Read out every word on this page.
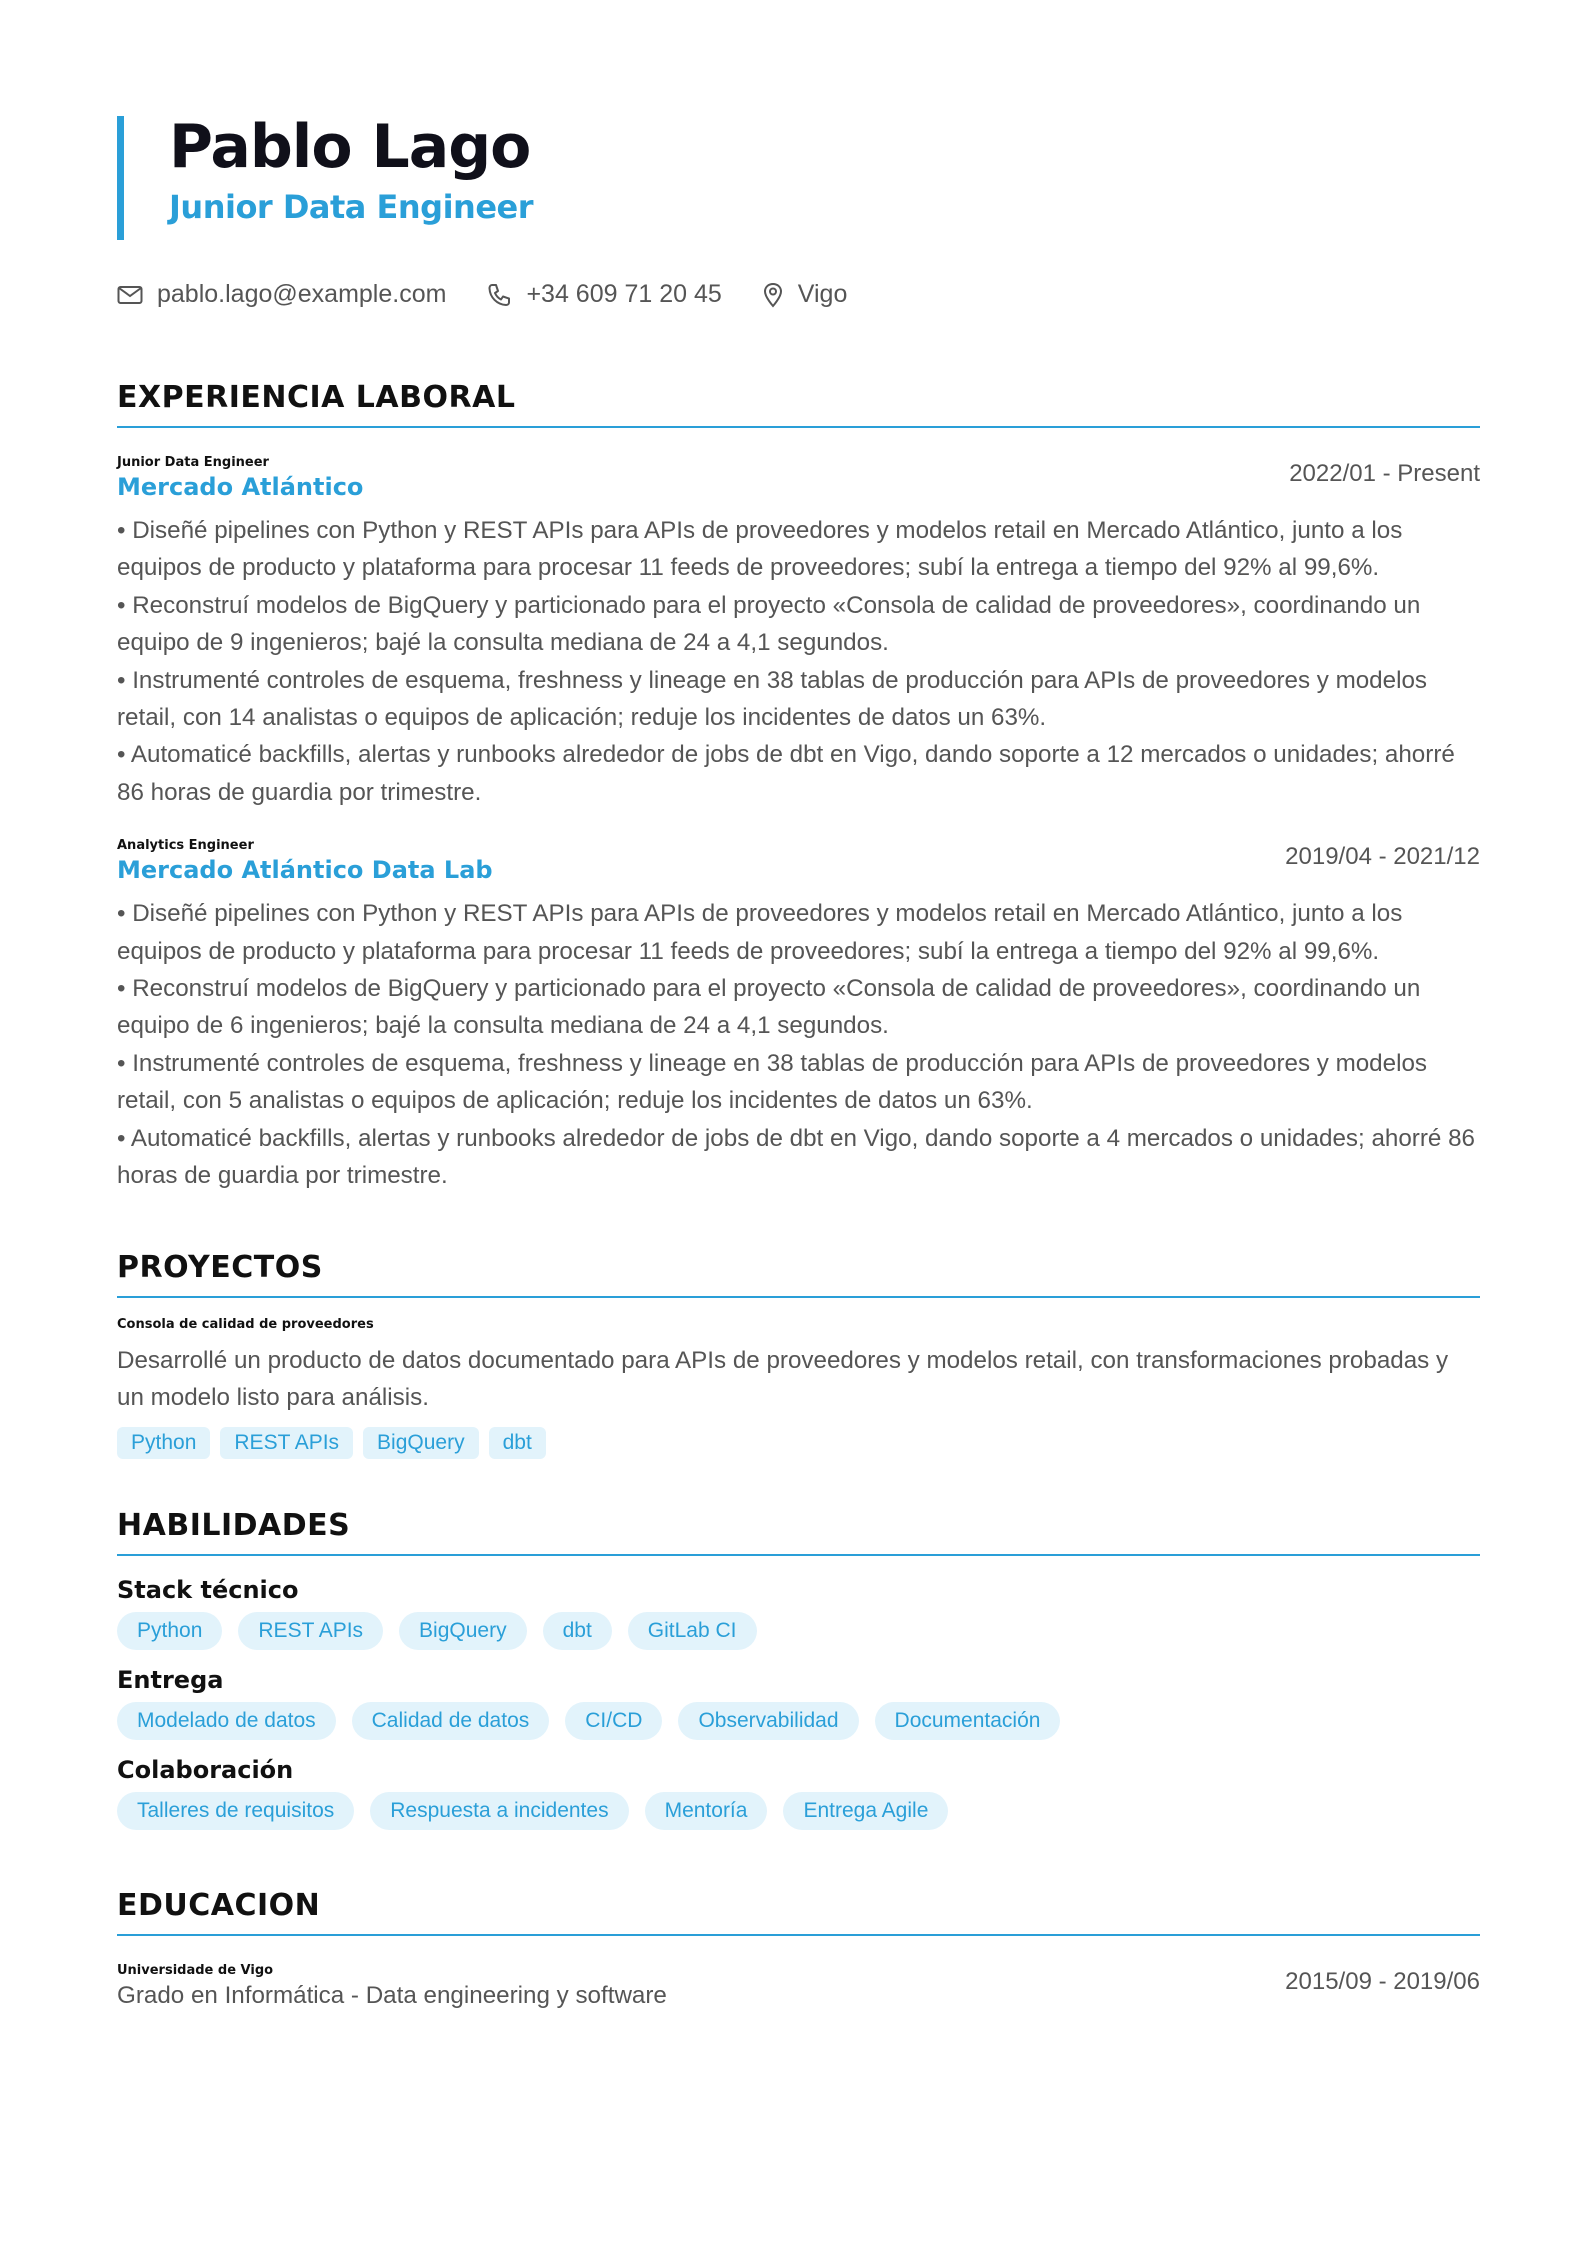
Pablo Lago
Junior Data Engineer
pablo.lago@example.com	+34 609 71 20 45	Vigo
EXPERIENCIA LABORAL
2022/01 - Present
Junior Data Engineer
Mercado Atlántico
• Diseñé pipelines con Python y REST APIs para APIs de proveedores y modelos retail en Mercado Atlántico, junto a los equipos de producto y plataforma para procesar 11 feeds de proveedores; subí la entrega a tiempo del 92% al 99,6%.
• Reconstruí modelos de BigQuery y particionado para el proyecto «Consola de calidad de proveedores», coordinando un equipo de 9 ingenieros; bajé la consulta mediana de 24 a 4,1 segundos.
• Instrumenté controles de esquema, freshness y lineage en 38 tablas de producción para APIs de proveedores y modelos retail, con 14 analistas o equipos de aplicación; reduje los incidentes de datos un 63%.
• Automaticé backfills, alertas y runbooks alrededor de jobs de dbt en Vigo, dando soporte a 12 mercados o unidades; ahorré 86 horas de guardia por trimestre.
2019/04 - 2021/12
Analytics Engineer
Mercado Atlántico Data Lab
• Diseñé pipelines con Python y REST APIs para APIs de proveedores y modelos retail en Mercado Atlántico, junto a los equipos de producto y plataforma para procesar 11 feeds de proveedores; subí la entrega a tiempo del 92% al 99,6%.
• Reconstruí modelos de BigQuery y particionado para el proyecto «Consola de calidad de proveedores», coordinando un equipo de 6 ingenieros; bajé la consulta mediana de 24 a 4,1 segundos.
• Instrumenté controles de esquema, freshness y lineage en 38 tablas de producción para APIs de proveedores y modelos retail, con 5 analistas o equipos de aplicación; reduje los incidentes de datos un 63%.
• Automaticé backfills, alertas y runbooks alrededor de jobs de dbt en Vigo, dando soporte a 4 mercados o unidades; ahorré 86 horas de guardia por trimestre.
PROYECTOS
Consola de calidad de proveedores
Desarrollé un producto de datos documentado para APIs de proveedores y modelos retail, con transformaciones probadas y un modelo listo para análisis.
Python	REST APIs	BigQuery	dbt
HABILIDADES
Stack técnico
Python	REST APIs	BigQuery	dbt	GitLab CI
Entrega
Modelado de datos	Calidad de datos	CI/CD	Observabilidad	Documentación
Colaboración
Talleres de requisitos	Respuesta a incidentes	Mentoría	Entrega Agile
EDUCACION
2015/09 - 2019/06
Universidade de Vigo
Grado en Informática - Data engineering y software
